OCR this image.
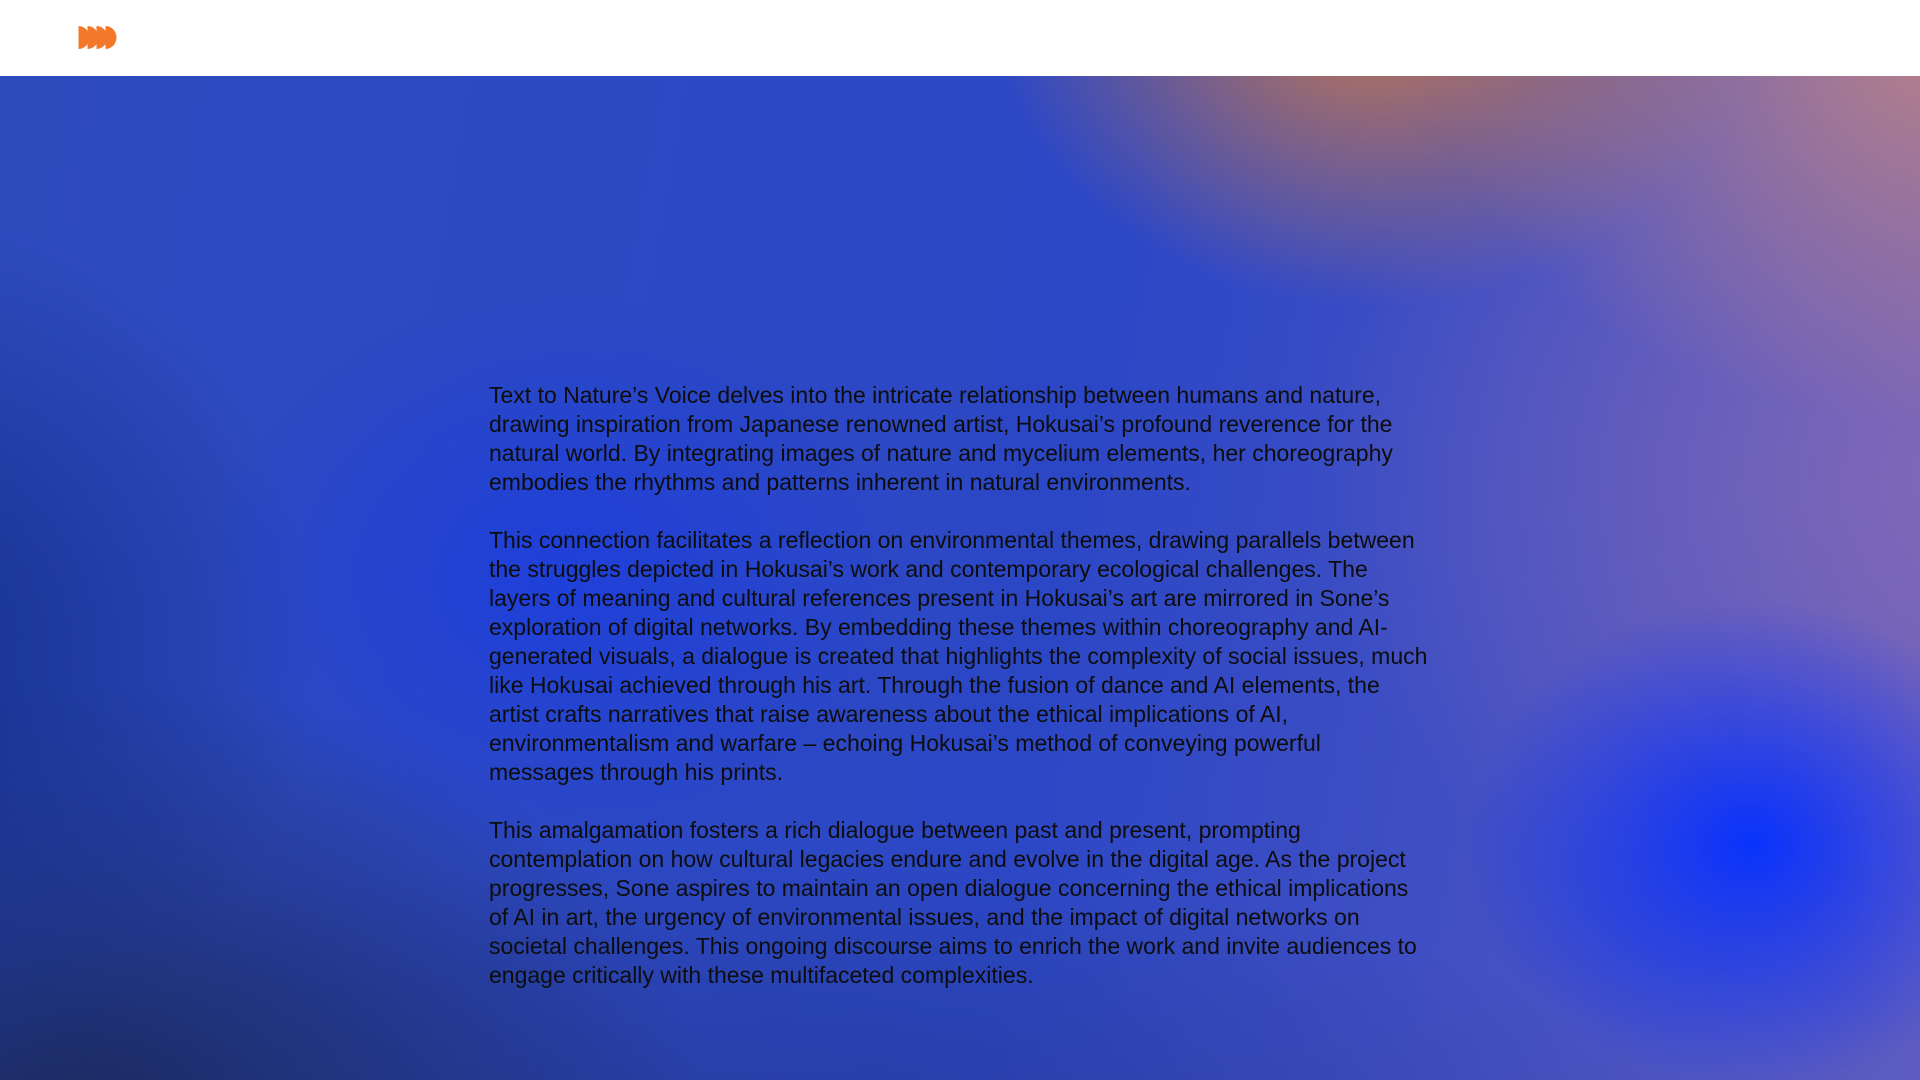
Text to Nature’s Voice delves into the intricate relationship between humans and nature, drawing inspiration from Japanese renowned artist, Hokusai’s profound reverence for the natural world. By integrating images of nature and mycelium elements, her choreography embodies the rhythms and patterns inherent in natural environments.

This connection facilitates a reflection on environmental themes, drawing parallels between the struggles depicted in Hokusai’s work and contemporary ecological challenges. The layers of meaning and cultural references present in Hokusai’s art are mirrored in Sone’s exploration of digital networks. By embedding these themes within choreography and AI-generated visuals, a dialogue is created that highlights the complexity of social issues, much like Hokusai achieved through his art. Through the fusion of dance and AI elements, the artist crafts narratives that raise awareness about the ethical implications of AI, environmentalism and warfare – echoing Hokusai’s method of conveying powerful messages through his prints.

This amalgamation fosters a rich dialogue between past and present, prompting contemplation on how cultural legacies endure and evolve in the digital age. As the project progresses, Sone aspires to maintain an open dialogue concerning the ethical implications of AI in art, the urgency of environmental issues, and the impact of digital networks on societal challenges. This ongoing discourse aims to enrich the work and invite audiences to engage critically with these multifaceted complexities.
